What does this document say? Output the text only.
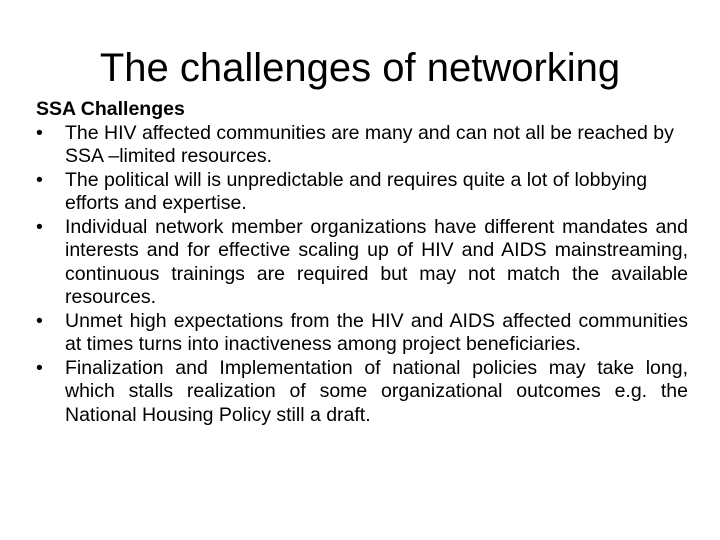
The challenges of networking

SSA Challenges

•	The HIV affected communities are many and can not all be reached by SSA –limited resources.
•	The political will is unpredictable and requires quite a lot of lobbying efforts and expertise.
•	Individual network member organizations have different mandates and interests and for effective scaling up of HIV and AIDS mainstreaming, continuous trainings are required but may not match the available resources.
•	Unmet high expectations from the HIV and AIDS affected communities at times turns into inactiveness among project beneficiaries.
•	Finalization and Implementation of national policies may take long, which stalls realization of some organizational outcomes e.g. the National Housing Policy still a draft.
